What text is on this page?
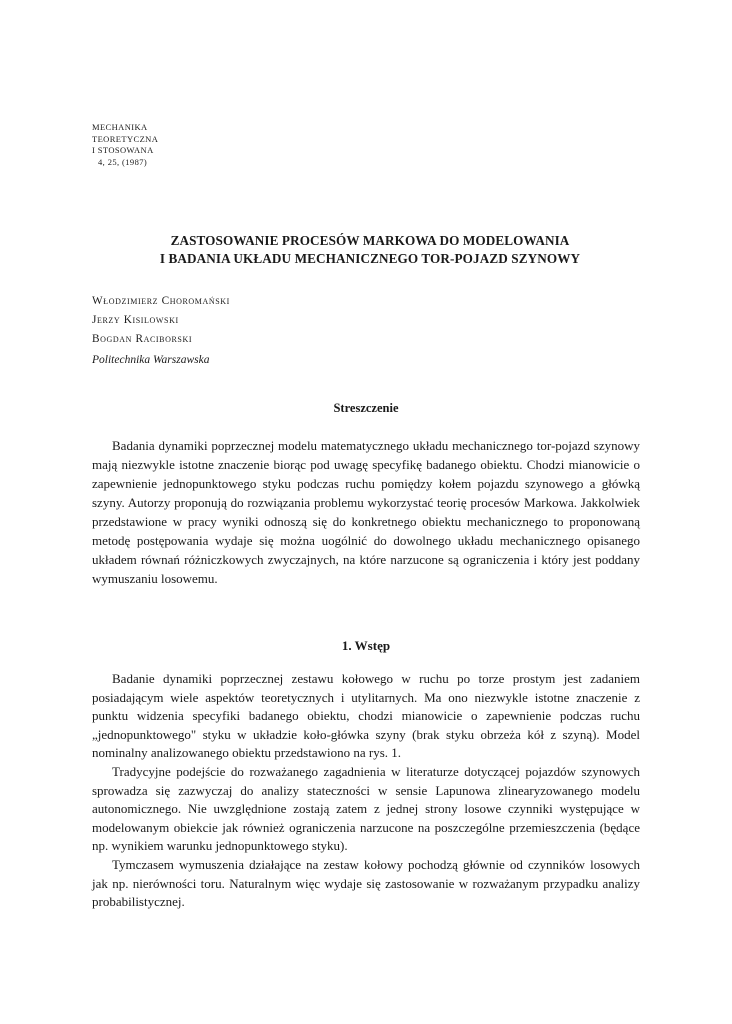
MECHANIKA
TEORETYCZNA
I STOSOWANA
4, 25, (1987)
ZASTOSOWANIE PROCESÓW MARKOWA DO MODELOWANIA
I BADANIA UKŁADU MECHANICZNEGO TOR-POJAZD SZYNOWY
Włodzimierz Choromański
Jerzy Kisilowski
Bogdan Raciborski
Politechnika Warszawska
Streszczenie

Badania dynamiki poprzecznej modelu matematycznego układu mechanicznego tor-pojazd szynowy mają niezwykle istotne znaczenie biorąc pod uwagę specyfikę badanego obiektu. Chodzi mianowicie o zapewnienie jednopunktowego styku podczas ruchu pomiędzy kołem pojazdu szynowego a główką szyny. Autorzy proponują do rozwiązania problemu wykorzystać teorię procesów Markowa. Jakkolwiek przedstawione w pracy wyniki odnoszą się do konkretnego obiektu mechanicznego to proponowaną metodę postępowania wydaje się można uogólnić do dowolnego układu mechanicznego opisanego układem równań różniczkowych zwyczajnych, na które narzucone są ograniczenia i który jest poddany wymuszaniu losowemu.

1. Wstęp

Badanie dynamiki poprzecznej zestawu kołowego w ruchu po torze prostym jest zadaniem posiadającym wiele aspektów teoretycznych i utylitarnych. Ma ono niezwykle istotne znaczenie z punktu widzenia specyfiki badanego obiektu, chodzi mianowicie o zapewnienie podczas ruchu „jednopunktowego" styku w układzie koło-główka szyny (brak styku obrzeża kół z szyną). Model nominalny analizowanego obiektu przedstawiono na rys. 1.

Tradycyjne podejście do rozważanego zagadnienia w literaturze dotyczącej pojazdów szynowych sprowadza się zazwyczaj do analizy stateczności w sensie Lapunowa zlinearyzowanego modelu autonomicznego. Nie uwzględnione zostają zatem z jednej strony losowe czynniki występujące w modelowanym obiekcie jak również ograniczenia narzucone na poszczególne przemieszczenia (będące np. wynikiem warunku jednopunktowego styku).

Tymczasem wymuszenia działające na zestaw kołowy pochodzą głównie od czynników losowych jak np. nierówności toru. Naturalnym więc wydaje się zastosowanie w rozważanym przypadku analizy probabilistycznej.
